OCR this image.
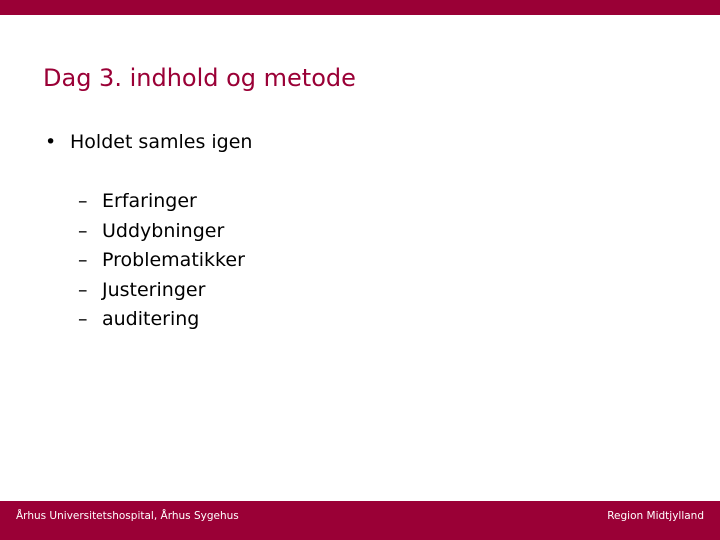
Dag 3. indhold og metode
• Holdet samles igen
– Erfaringer
– Uddybninger
– Problematikker
– Justeringer
– auditering
Århus Universitetshospital, Århus Sygehus	Region Midtjylland
